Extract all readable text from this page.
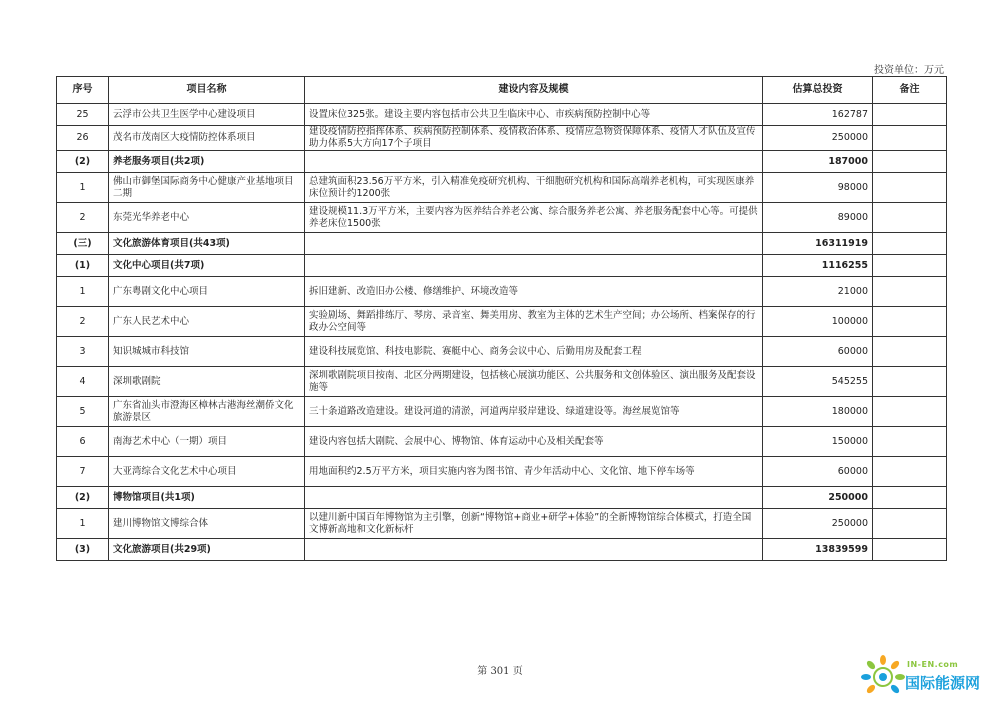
投资单位：万元
序号	项目名称	建设内容及规模	估算总投资	备注
25	云浮市公共卫生医学中心建设项目	设置床位325张。建设主要内容包括市公共卫生临床中心、市疾病预防控制中心等	162787	
26	茂名市茂南区大疫情防控体系项目	建设疫情防控指挥体系、疾病预防控制体系、疫情救治体系、疫情应急物资保障体系、疫情人才队伍及宣传助力体系5大方向17个子项目	250000	
(2)	养老服务项目(共2项)		187000	
1	佛山市御堡国际商务中心健康产业基地项目二期	总建筑面积23.56万平方米，引入精准免疫研究机构、干细胞研究机构和国际高端养老机构，可实现医康养床位预计约1200张	98000	
2	东莞光华养老中心	建设规模11.3万平方米，主要内容为医养结合养老公寓、综合服务养老公寓、养老服务配套中心等。可提供养老床位1500张	89000	
(三)	文化旅游体育项目(共43项)		16311919	
(1)	文化中心项目(共7项)		1116255	
1	广东粤剧文化中心项目	拆旧建新、改造旧办公楼、修缮维护、环境改造等	21000	
2	广东人民艺术中心	实验剧场、舞蹈排练厅、琴房、录音室、舞美用房、教室为主体的艺术生产空间；办公场所、档案保存的行政办公空间等	100000	
3	知识城城市科技馆	建设科技展览馆、科技电影院、赛艇中心、商务会议中心、后勤用房及配套工程	60000	
4	深圳歌剧院	深圳歌剧院项目按南、北区分两期建设，包括核心展演功能区、公共服务和文创体验区、演出服务及配套设施等	545255	
5	广东省汕头市澄海区樟林古港海丝潮侨文化旅游景区	三十条道路改造建设。建设河道的清淤，河道两岸驳岸建设、绿道建设等。海丝展览馆等	180000	
6	南海艺术中心（一期）项目	建设内容包括大剧院、会展中心、博物馆、体育运动中心及相关配套等	150000	
7	大亚湾综合文化艺术中心项目	用地面积约2.5万平方米，项目实施内容为图书馆、青少年活动中心、文化馆、地下停车场等	60000	
(2)	博物馆项目(共1项)		250000	
1	建川博物馆文博综合体	以建川新中国百年博物馆为主引擎，创新“博物馆+商业+研学+体验”的全新博物馆综合体模式，打造全国文博新高地和文化新标杆	250000	
(3)	文化旅游项目(共29项)		13839599	
第 301 页
IN-EN.com
国际能源网
